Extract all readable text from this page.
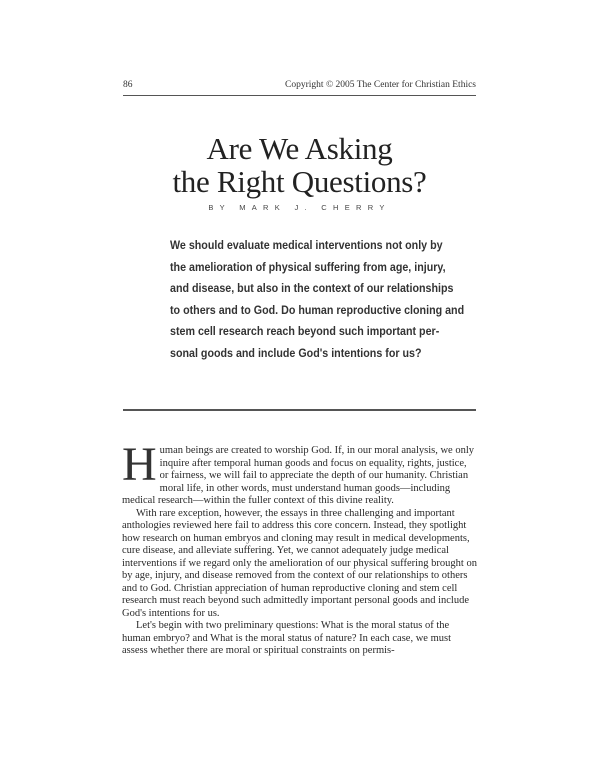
86	Copyright © 2005 The Center for Christian Ethics
Are We Asking
the Right Questions?
BY MARK J. CHERRY
We should evaluate medical interventions not only by
the amelioration of physical suffering from age, injury,
and disease, but also in the context of our relationships
to others and to God. Do human reproductive cloning and
stem cell research reach beyond such important per-
sonal goods and include God's intentions for us?

Human beings are created to worship God. If, in our moral analysis, we only inquire after temporal human goods and focus on equality, rights, justice, or fairness, we will fail to appreciate the depth of our humanity. Christian moral life, in other words, must understand human goods—including medical research—within the fuller context of this divine reality.

With rare exception, however, the essays in three challenging and important anthologies reviewed here fail to address this core concern. Instead, they spotlight how research on human embryos and cloning may result in medical developments, cure disease, and alleviate suffering. Yet, we cannot adequately judge medical interventions if we regard only the amelioration of our physical suffering brought on by age, injury, and disease removed from the context of our relationships to others and to God. Christian appreciation of human reproductive cloning and stem cell research must reach beyond such admittedly important personal goods and include God's intentions for us.

Let's begin with two preliminary questions: What is the moral status of the human embryo? and What is the moral status of nature? In each case, we must assess whether there are moral or spiritual constraints on permis-
